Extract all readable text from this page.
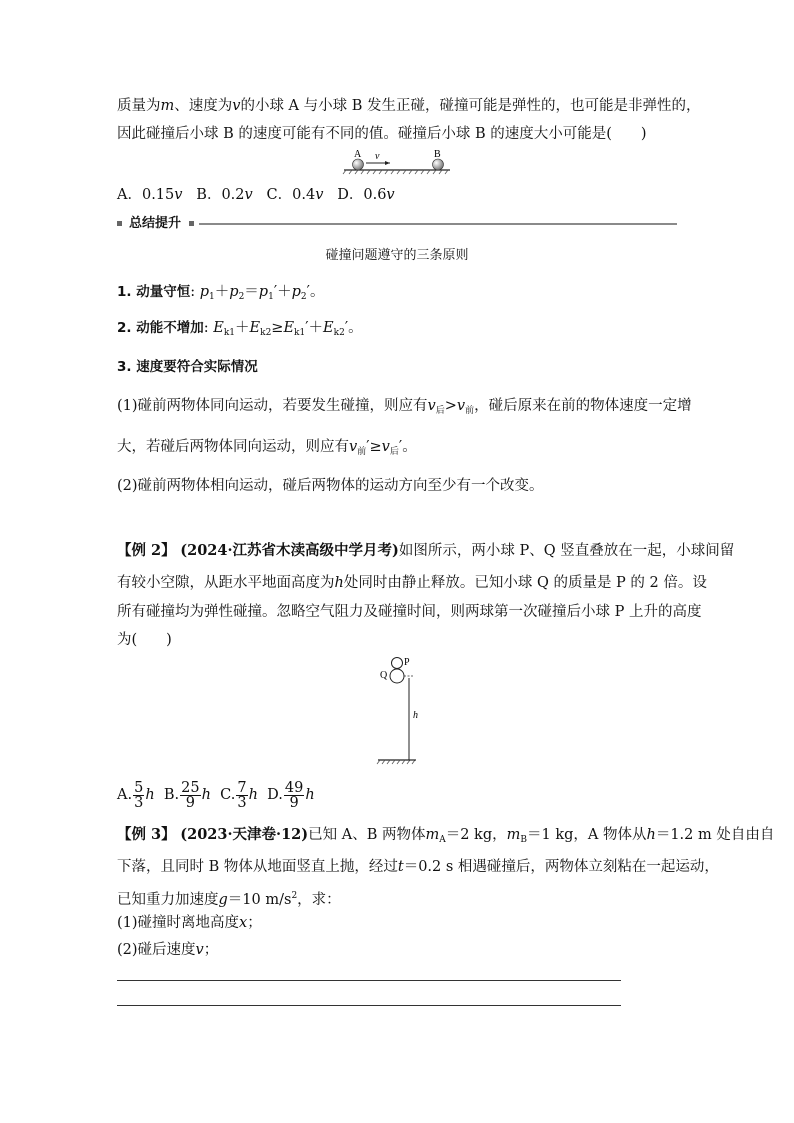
质量为m、速度为v的小球 A 与小球 B 发生正碰，碰撞可能是弹性的，也可能是非弹性的，
因此碰撞后小球 B 的速度可能有不同的值。碰撞后小球 B 的速度大小可能是(　　)
A v	B
A．0.15v B．0.2v C．0.4v D．0.6v
总结提升
碰撞问题遵守的三条原则
1. 动量守恒: $p_1+p_2=p_1'+p_2'$。
2. 动能不增加: $E_{k1}+E_{k2}\ge E_{k1}'+E_{k2}'$。
3. 速度要符合实际情况
(1)碰前两物体同向运动，若要发生碰撞，则应有$v_后>v_前$，碰后原来在前的物体速度一定增
大，若碰后两物体同向运动，则应有$v_前'\ge v_后'$。
(2)碰前两物体相向运动，碰后两物体的运动方向至少有一个改变。
【例 2】 (2024·江苏省木渎高级中学月考)如图所示，两小球 P、Q 竖直叠放在一起，小球间留
有较小空隙，从距水平地面高度为h处同时由静止释放。已知小球 Q 的质量是 P 的 2 倍。设
所有碰撞均为弹性碰撞。忽略空气阻力及碰撞时间，则两球第一次碰撞后小球 P 上升的高度
为(　　)
P
Q
h
A. $\frac{5}{3}$ h B. $\frac{25}{9}$ h C. $\frac{7}{3}$ h D. $\frac{49}{9}$ h
【例 3】 (2023·天津卷·12)已知 A、B 两物体$m_A=2$ kg，$m_B=1$ kg，A 物体从h＝1.2 m 处自由自
下落，且同时 B 物体从地面竖直上抛，经过t＝0.2 s 相遇碰撞后，两物体立刻粘在一起运动，
已知重力加速度g＝10 $m/s^2$，求：
(1)碰撞时离地高度x；
(2)碰后速度v；
